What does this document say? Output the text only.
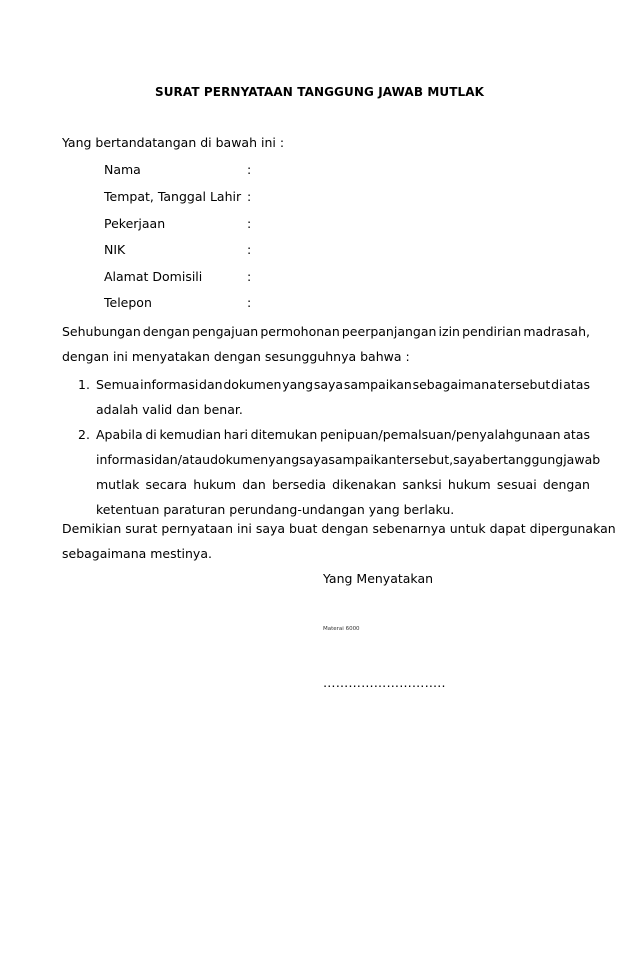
SURAT PERNYATAAN TANGGUNG JAWAB MUTLAK
Yang bertandatangan di bawah ini :
Nama	:
Tempat, Tanggal Lahir :
Pekerjaan	:
NIK	:
Alamat Domisili	:
Telepon	:
Sehubungan dengan pengajuan permohonan peerpanjangan izin pendirian madrasah,
dengan ini menyatakan dengan sesungguhnya bahwa :
1. Semua informasi dan dokumen yang saya sampaikan sebagaimana tersebut di atas
adalah valid dan benar.
2. Apabila di kemudian hari ditemukan penipuan/pemalsuan/penyalahgunaan atas
informasi dan/atau dokumen yang saya sampaikan tersebut, saya bertanggungjawab
mutlak secara hukum dan bersedia dikenakan sanksi hukum sesuai dengan
ketentuan paraturan perundang-undangan yang berlaku.
Demikian surat pernyataan ini saya buat dengan sebenarnya untuk dapat dipergunakan
sebagaimana mestinya.
Yang Menyatakan
Materai 6000
………………………..
